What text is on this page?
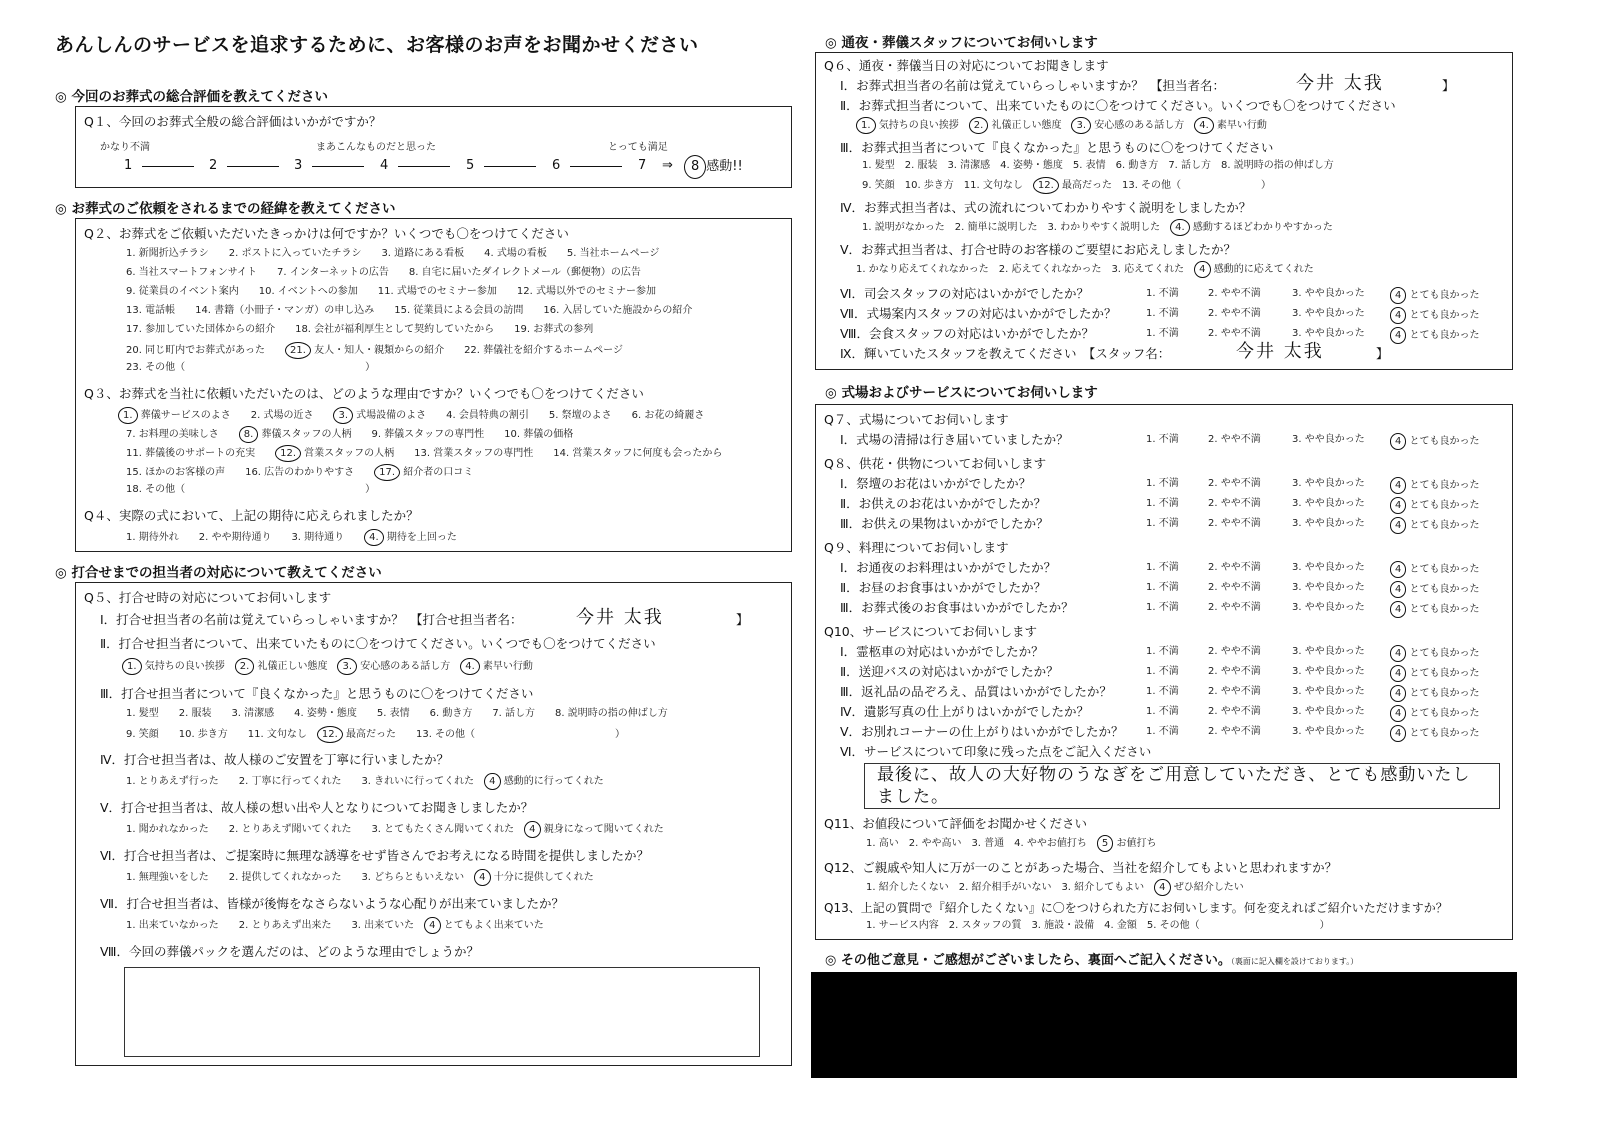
あんしんのサービスを追求するために、お客様のお声をお聞かせください
◎ 今回のお葬式の総合評価を教えてください
Q１、今回のお葬式全般の総合評価はいかがですか？
かなり不満	まあこんなものだと思った	とっても満足
1	2	3	4	5	6	7 ⇒	8 感動!!
◎ お葬式のご依頼をされるまでの経緯を教えてください
Q２、お葬式をご依頼いただいたきっかけは何ですか？いくつでも〇をつけてください
1. 新聞折込チラシ　　2. ポストに入っていたチラシ　　3. 道路にある看板　　4. 式場の看板　　5. 当社ホームページ
6. 当社スマートフォンサイト　　7. インターネットの広告　　8. 自宅に届いたダイレクトメール（郵便物）の広告
9. 従業員のイベント案内　　10. イベントへの参加　　11. 式場でのセミナー参加　　12. 式場以外でのセミナー参加
13. 電話帳　　14. 書籍（小冊子・マンガ）の申し込み　　15. 従業員による会員の訪問　　16. 入居していた施設からの紹介
17. 参加していた団体からの紹介　　18. 会社が福利厚生として契約していたから　　19. お葬式の参列
20. 同じ町内でお葬式があった　　21. 友人・知人・親類からの紹介　　22. 葬儀社を紹介するホームページ
23. その他（　　　　　　　　　　　　　　　　　　）
Q３、お葬式を当社に依頼いただいたのは、どのような理由ですか？いくつでも〇をつけてください
1. 葬儀サービスのよさ　　2. 式場の近さ　　3. 式場設備のよさ　　4. 会員特典の割引　　5. 祭壇のよさ　　6. お花の綺麗さ
7. お料理の美味しさ　　8. 葬儀スタッフの人柄　　9. 葬儀スタッフの専門性　　10. 葬儀の価格
11. 葬儀後のサポートの充実　　12. 営業スタッフの人柄　　13. 営業スタッフの専門性　　14. 営業スタッフに何度も会ったから
15. ほかのお客様の声　　16. 広告のわかりやすさ　　17. 紹介者の口コミ
18. その他（　　　　　　　　　　　　　　　　　　）
Q４、実際の式において、上記の期待に応えられましたか？
1. 期待外れ　　2. やや期待通り　　3. 期待通り　　4. 期待を上回った
◎ 打合せまでの担当者の対応について教えてください
Q５、打合せ時の対応についてお伺いします
Ⅰ．打合せ担当者の名前は覚えていらっしゃいますか？　【打合せ担当者名：	今井 太我	】
Ⅱ．打合せ担当者について、出来ていたものに〇をつけてください。いくつでも〇をつけてください
1. 気持ちの良い挨拶　2. 礼儀正しい態度　3. 安心感のある話し方　4. 素早い行動
Ⅲ．打合せ担当者について『良くなかった』と思うものに〇をつけてください
1. 髪型　　2. 服装　　3. 清潔感　　4. 姿勢・態度　　5. 表情　　6. 動き方　　7. 話し方　　8. 説明時の指の伸ばし方
9. 笑顔　　10. 歩き方　　11. 文句なし　12. 最高だった　　13. その他（　　　　　　　　　　　　　　）
Ⅳ．打合せ担当者は、故人様のご安置を丁寧に行いましたか？
1. とりあえず行った　　2. 丁寧に行ってくれた　　3. きれいに行ってくれた　4 感動的に行ってくれた
Ⅴ．打合せ担当者は、故人様の想い出や人となりについてお聞きしましたか？
1. 聞かれなかった　　2. とりあえず聞いてくれた　　3. とてもたくさん聞いてくれた　4 親身になって聞いてくれた
Ⅵ．打合せ担当者は、ご提案時に無理な誘導をせず皆さんでお考えになる時間を提供しましたか？
1. 無理強いをした　　2. 提供してくれなかった　　3. どちらともいえない　4 十分に提供してくれた
Ⅶ．打合せ担当者は、皆様が後悔をなさらないような心配りが出来ていましたか？
1. 出来ていなかった　　2. とりあえず出来た　　3. 出来ていた　4 とてもよく出来ていた
Ⅷ．今回の葬儀パックを選んだのは、どのような理由でしょうか？
◎ 通夜・葬儀スタッフについてお伺いします
Q６、通夜・葬儀当日の対応についてお聞きします
Ⅰ．お葬式担当者の名前は覚えていらっしゃいますか？　【担当者名：	今井 太我	】
Ⅱ．お葬式担当者について、出来ていたものに〇をつけてください。いくつでも〇をつけてください
1. 気持ちの良い挨拶　2. 礼儀正しい態度　3. 安心感のある話し方　4. 素早い行動
Ⅲ．お葬式担当者について『良くなかった』と思うものに〇をつけてください
1. 髪型　2. 服装　3. 清潔感　4. 姿勢・態度　5. 表情　6. 動き方　7. 話し方　8. 説明時の指の伸ばし方
9. 笑顔　10. 歩き方　11. 文句なし　12. 最高だった　13. その他（　　　　　　　　）
Ⅳ．お葬式担当者は、式の流れについてわかりやすく説明をしましたか？
1. 説明がなかった　2. 簡単に説明した　3. わかりやすく説明した　4. 感動するほどわかりやすかった
Ⅴ．お葬式担当者は、打合せ時のお客様のご要望にお応えしましたか？
1. かなり応えてくれなかった　2. 応えてくれなかった　3. 応えてくれた　4 感動的に応えてくれた
Ⅵ．司会スタッフの対応はいかがでしたか？	1. 不満	2. やや不満	3. やや良かった	4 とても良かった
Ⅶ．式場案内スタッフの対応はいかがでしたか？	1. 不満	2. やや不満	3. やや良かった	4 とても良かった
Ⅷ．会食スタッフの対応はいかがでしたか？	1. 不満	2. やや不満	3. やや良かった	4 とても良かった
Ⅸ．輝いていたスタッフを教えてください　【スタッフ名：	今井 太我	】
◎ 式場およびサービスについてお伺いします
Q７、式場についてお伺いします
Ⅰ．式場の清掃は行き届いていましたか？	1. 不満	2. やや不満	3. やや良かった	4 とても良かった
Q８、供花・供物についてお伺いします
Ⅰ．祭壇のお花はいかがでしたか？	1. 不満	2. やや不満	3. やや良かった	4 とても良かった
Ⅱ．お供えのお花はいかがでしたか？	1. 不満	2. やや不満	3. やや良かった	4 とても良かった
Ⅲ．お供えの果物はいかがでしたか？	1. 不満	2. やや不満	3. やや良かった	4 とても良かった
Q９、料理についてお伺いします
Ⅰ．お通夜のお料理はいかがでしたか？	1. 不満	2. やや不満	3. やや良かった	4 とても良かった
Ⅱ．お昼のお食事はいかがでしたか？	1. 不満	2. やや不満	3. やや良かった	4 とても良かった
Ⅲ．お葬式後のお食事はいかがでしたか？	1. 不満	2. やや不満	3. やや良かった	4 とても良かった
Q10、サービスについてお伺いします
Ⅰ．霊柩車の対応はいかがでしたか？	1. 不満	2. やや不満	3. やや良かった	4 とても良かった
Ⅱ．送迎バスの対応はいかがでしたか？	1. 不満	2. やや不満	3. やや良かった	4 とても良かった
Ⅲ．返礼品の品ぞろえ、品質はいかがでしたか？	1. 不満	2. やや不満	3. やや良かった	4 とても良かった
Ⅳ．遺影写真の仕上がりはいかがでしたか？	1. 不満	2. やや不満	3. やや良かった	4 とても良かった
Ⅴ．お別れコーナーの仕上がりはいかがでしたか？ 1. 不満	2. やや不満	3. やや良かった	4 とても良かった
Ⅵ．サービスについて印象に残った点をご記入ください
最後に、故人の大好物のうなぎをご用意していただき、とても感動いたし
ました。
Q11、お値段について評価をお聞かせください
1. 高い　2. やや高い　3. 普通　4. ややお値打ち　5 お値打ち
Q12、ご親戚や知人に万が一のことがあった場合、当社を紹介してもよいと思われますか？
1. 紹介したくない　2. 紹介相手がいない　3. 紹介してもよい　4 ぜひ紹介したい
Q13、上記の質問で『紹介したくない』に〇をつけられた方にお伺いします。何を変えればご紹介いただけますか？
1. サービス内容　2. スタッフの質　3. 施設・設備　4. 金額　5. その他（　　　　　　　　　　　　）
◎ その他ご意見・ご感想がございましたら、裏面へご記入ください。（裏面に記入欄を設けております。）
